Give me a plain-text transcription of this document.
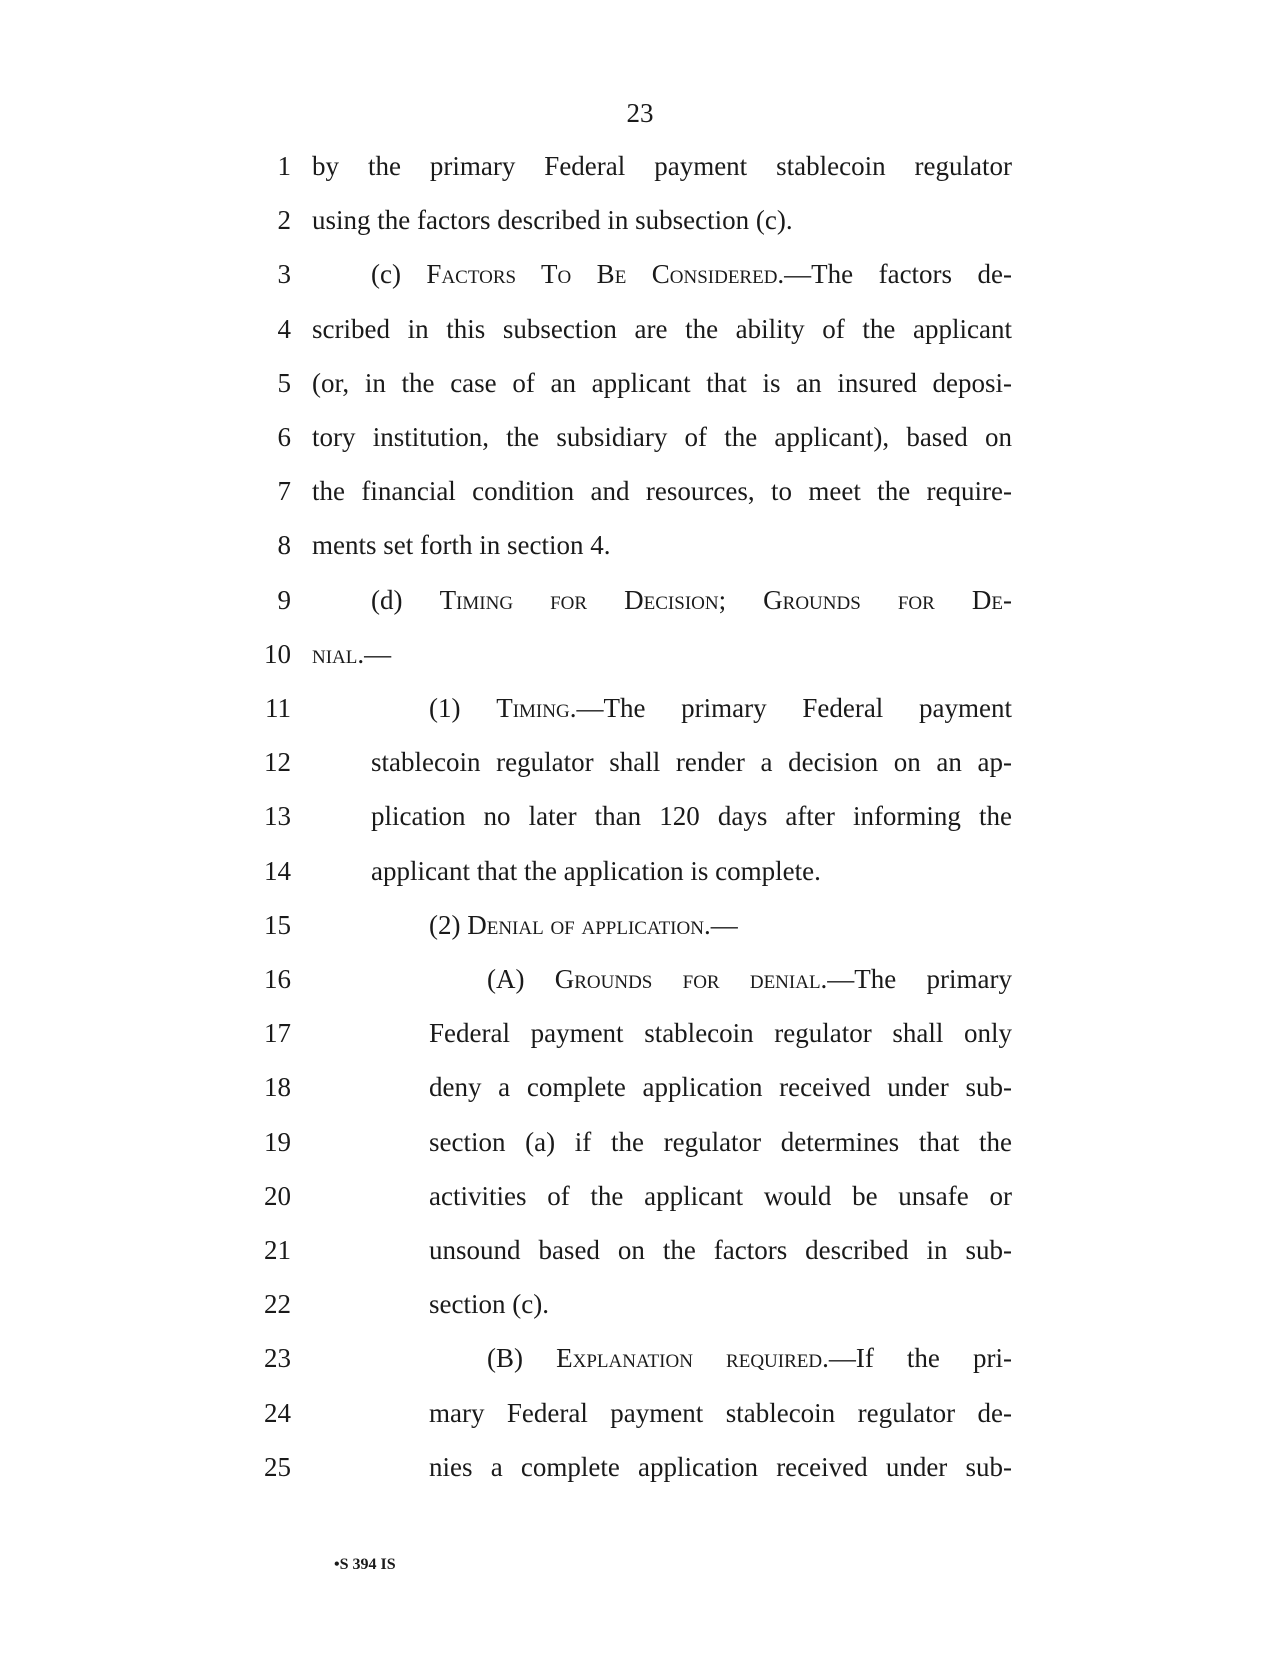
23
1 by the primary Federal payment stablecoin regulator
2 using the factors described in subsection (c).
3	(c) Factors To Be Considered.—The factors de-
4 scribed in this subsection are the ability of the applicant
5 (or, in the case of an applicant that is an insured deposi-
6 tory institution, the subsidiary of the applicant), based on
7 the financial condition and resources, to meet the require-
8 ments set forth in section 4.
9	(d) Timing for Decision; Grounds for De-
10 nial.—
11	(1) Timing.—The primary Federal payment
12	stablecoin regulator shall render a decision on an ap-
13	plication no later than 120 days after informing the
14	applicant that the application is complete.
15	(2) Denial of application.—
16	(A) Grounds for denial.—The primary
17	Federal payment stablecoin regulator shall only
18	deny a complete application received under sub-
19	section (a) if the regulator determines that the
20	activities of the applicant would be unsafe or
21	unsound based on the factors described in sub-
22	section (c).
23	(B) Explanation required.—If the pri-
24	mary Federal payment stablecoin regulator de-
25	nies a complete application received under sub-
•S 394 IS
